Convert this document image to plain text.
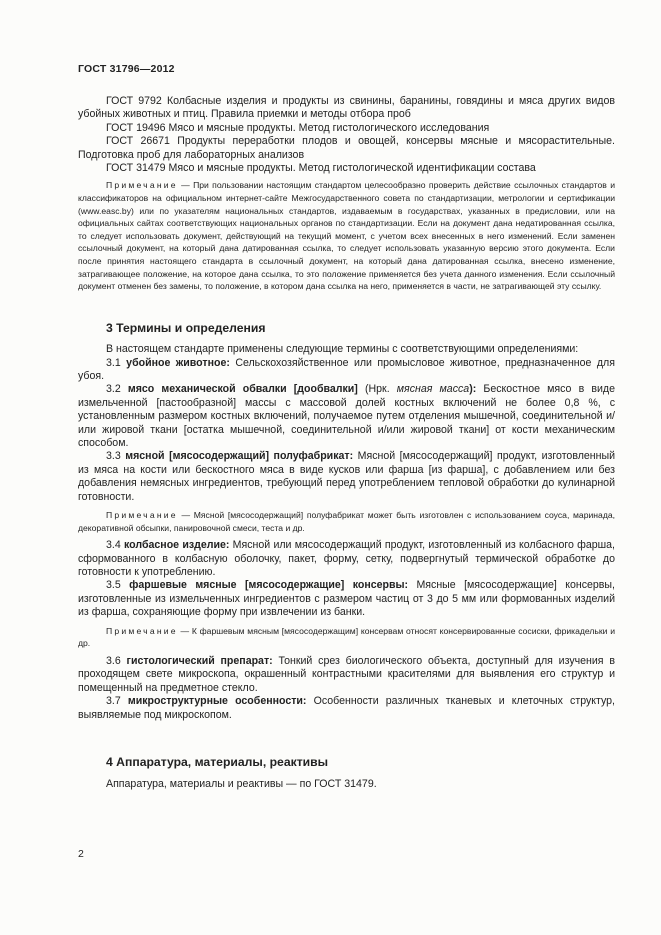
ГОСТ 31796—2012

ГОСТ 9792 Колбасные изделия и продукты из свинины, баранины, говядины и мяса других видов убойных животных и птиц. Правила приемки и методы отбора проб

ГОСТ 19496 Мясо и мясные продукты. Метод гистологического исследования

ГОСТ 26671 Продукты переработки плодов и овощей, консервы мясные и мясорастительные. Подготовка проб для лабораторных анализов

ГОСТ 31479 Мясо и мясные продукты. Метод гистологической идентификации состава

Примечание — При пользовании настоящим стандартом целесообразно проверить действие ссылочных стандартов и классификаторов на официальном интернет-сайте Межгосударственного совета по стандартизации, метрологии и сертификации (www.easc.by) или по указателям национальных стандартов, издаваемым в государствах, указанных в предисловии, или на официальных сайтах соответствующих национальных органов по стандартизации. Если на документ дана недатированная ссылка, то следует использовать документ, действующий на текущий момент, с учетом всех внесенных в него изменений. Если заменен ссылочный документ, на который дана датированная ссылка, то следует использовать указанную версию этого документа. Если после принятия настоящего стандарта в ссылочный документ, на который дана датированная ссылка, внесено изменение, затрагивающее положение, на которое дана ссылка, то это положение применяется без учета данного изменения. Если ссылочный документ отменен без замены, то положение, в котором дана ссылка на него, применяется в части, не затрагивающей эту ссылку.

3 Термины и определения

В настоящем стандарте применены следующие термины с соответствующими определениями:

3.1 убойное животное: Сельскохозяйственное или промысловое животное, предназначенное для убоя.

3.2 мясо механической обвалки [дообвалки] (Нрк. мясная масса): Бескостное мясо в виде измельченной [пастообразной] массы с массовой долей костных включений не более 0,8 %, с установленным размером костных включений, получаемое путем отделения мышечной, соединительной и/или жировой ткани [остатка мышечной, соединительной и/или жировой ткани] от кости механическим способом.

3.3 мясной [мясосодержащий] полуфабрикат: Мясной [мясосодержащий] продукт, изготовленный из мяса на кости или бескостного мяса в виде кусков или фарша [из фарша], с добавлением или без добавления немясных ингредиентов, требующий перед употреблением тепловой обработки до кулинарной готовности.

Примечание — Мясной [мясосодержащий] полуфабрикат может быть изготовлен с использованием соуса, маринада, декоративной обсыпки, панировочной смеси, теста и др.

3.4 колбасное изделие: Мясной или мясосодержащий продукт, изготовленный из колбасного фарша, сформованного в колбасную оболочку, пакет, форму, сетку, подвергнутый термической обработке до готовности к употреблению.

3.5 фаршевые мясные [мясосодержащие] консервы: Мясные [мясосодержащие] консервы, изготовленные из измельченных ингредиентов с размером частиц от 3 до 5 мм или формованных изделий из фарша, сохраняющие форму при извлечении из банки.

Примечание — К фаршевым мясным [мясосодержащим] консервам относят консервированные сосиски, фрикадельки и др.

3.6 гистологический препарат: Тонкий срез биологического объекта, доступный для изучения в проходящем свете микроскопа, окрашенный контрастными красителями для выявления его структур и помещенный на предметное стекло.

3.7 микроструктурные особенности: Особенности различных тканевых и клеточных структур, выявляемые под микроскопом.

4 Аппаратура, материалы, реактивы

Аппаратура, материалы и реактивы — по ГОСТ 31479.

2
